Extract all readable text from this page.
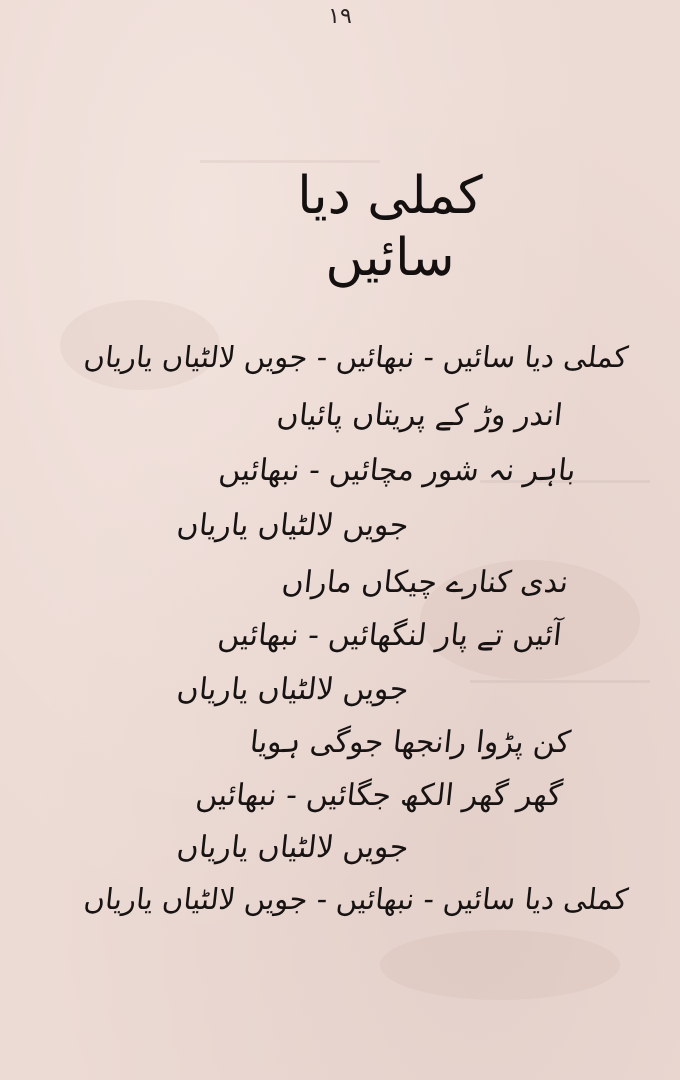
١٩
کملی دیا سائیں
کملی دیا سائیں - نبھائیں - جویں لالٹیاں یاریاں
اندر وڑ کے پریتاں پائیاں
باہر نہ شور مچائیں - نبھائیں
جویں لالٹیاں یاریاں
ندی کنارے چیکاں ماراں
آئیں تے پار لنگھائیں - نبھائیں
جویں لالٹیاں یاریاں
کن پڑوا رانجھا جوگی ہویا
گھر گھر الکھ جگائیں - نبھائیں
جویں لالٹیاں یاریاں
کملی دیا سائیں - نبھائیں - جویں لالٹیاں یاریاں
